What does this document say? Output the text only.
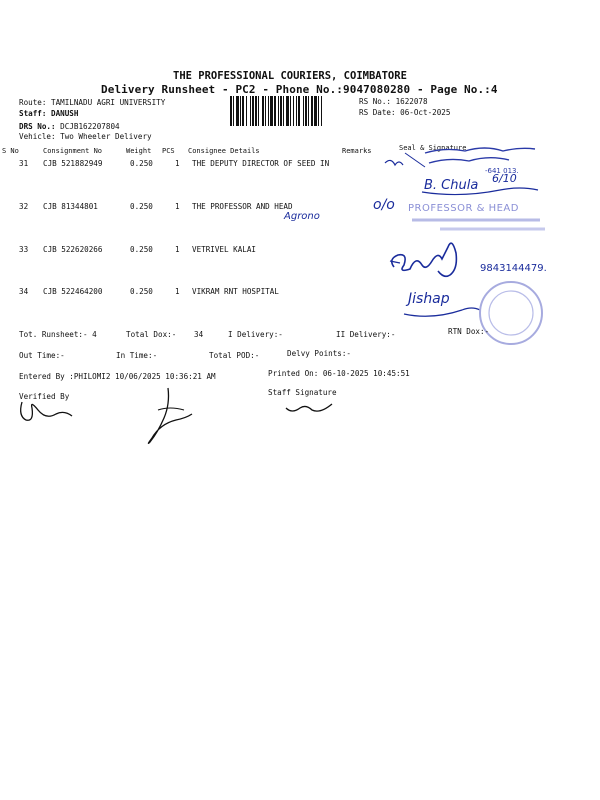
THE PROFESSIONAL COURIERS, COIMBATORE
Delivery Runsheet - PC2 - Phone No.:9047080280 - Page No.:4
Route: TAMILNADU AGRI UNIVERSITY
Staff: DANUSH
DRS No.: DCJB162207804
Vehicle: Two Wheeler Delivery
RS No.: 1622078
RS Date: 06-Oct-2025
S No	Consignment No	Weight PCS Consignee Details	Remarks	Seal & Signature
31 CJB 521882949	0.250	1 THE DEPUTY DIRECTOR OF SEED IN
32 CJB 81344801	0.250	1 THE PROFESSOR AND HEAD
33 CJB 522620266	0.250	1 VETRIVEL KALAI
34 CJB 522464200	0.250	1 VIKRAM RNT HOSPITAL
-641 013.
B. Chula 6/10
Agrono
o/o PROFESSOR & HEAD
9843144479.
Jishap
Tot. Runsheet:- 4	Total Dox:- 34	I Delivery:-	II Delivery:-	RTN Dox:-
Out Time:-	In Time:-	Total POD:-	Delvy Points:-
Entered By :PHILOMI2 10/06/2025 10:36:21 AM	Printed On: 06-10-2025 10:45:51
Verified By	Staff Signature
